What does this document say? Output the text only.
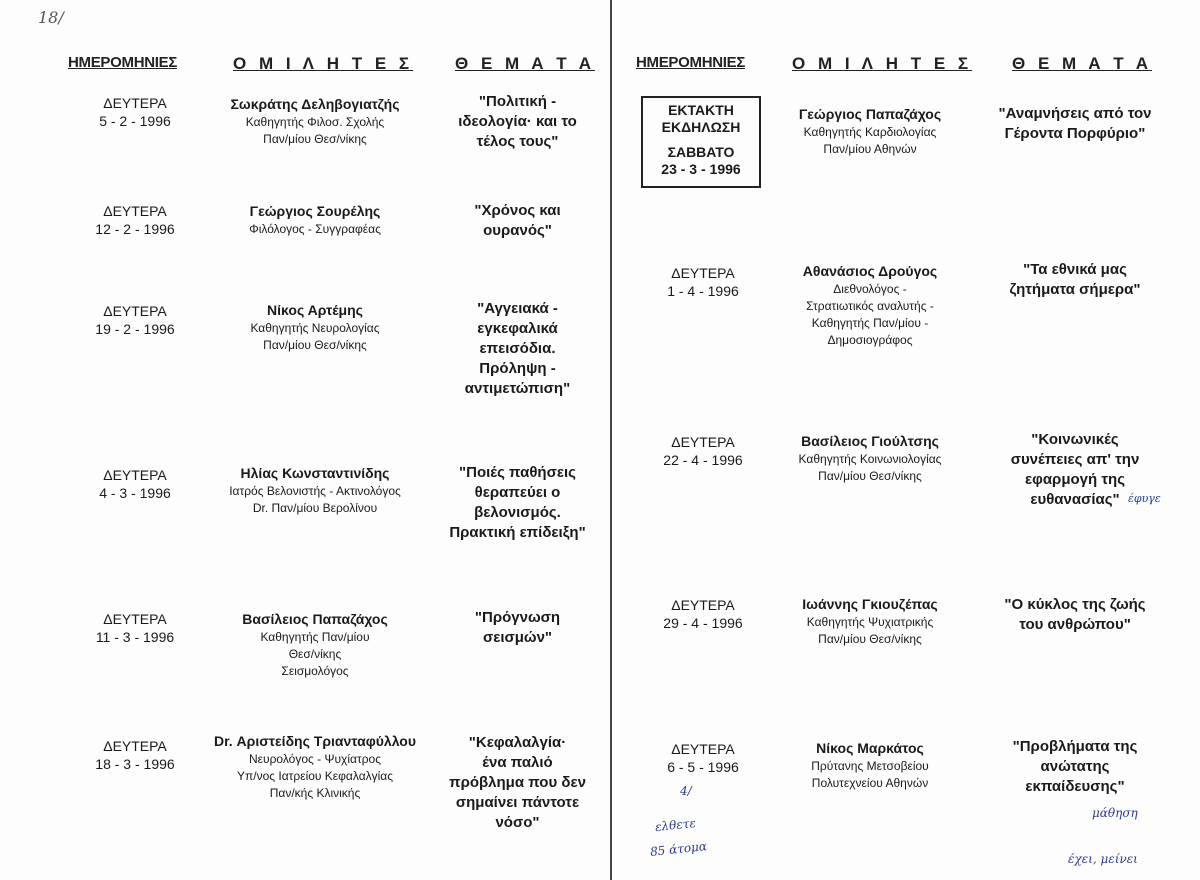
18/
έφυγε
4/
ελθετε
85 άτομα
μάθηση
έχει, μείνει
ΗΜΕΡΟΜΗΝΙΕΣ	Ο Μ Ι Λ Η Τ Ε Σ Θ Ε Μ Α Τ Α
ΔΕΥΤΕΡΑ
5 - 2 - 1996
Σωκράτης Δεληβογιατζής
Καθηγητής Φιλοσ. Σχολής
Παν/μίου Θεσ/νίκης
"Πολιτική -
ιδεολογία· και το
τέλος τους"
ΔΕΥΤΕΡΑ
12 - 2 - 1996
Γεώργιος Σουρέλης
Φιλόλογος - Συγγραφέας
"Χρόνος και
ουρανός"
ΔΕΥΤΕΡΑ
19 - 2 - 1996
Νίκος Αρτέμης
Καθηγητής Νευρολογίας
Παν/μίου Θεσ/νίκης
"Αγγειακά -
εγκεφαλικά
επεισόδια.
Πρόληψη -
αντιμετώπιση"
ΔΕΥΤΕΡΑ
4 - 3 - 1996
Ηλίας Κωνσταντινίδης
Ιατρός Βελονιστής - Ακτινολόγος
Dr. Παν/μίου Βερολίνου
"Ποιές παθήσεις
θεραπεύει ο
βελονισμός.
Πρακτική επίδειξη"
ΔΕΥΤΕΡΑ
11 - 3 - 1996
Βασίλειος Παπαζάχος
Καθηγητής Παν/μίου
Θεσ/νίκης
Σεισμολόγος
"Πρόγνωση
σεισμών"
ΔΕΥΤΕΡΑ
18 - 3 - 1996
Dr. Αριστείδης Τριανταφύλλου
Νευρολόγος - Ψυχίατρος
Υπ/νος Ιατρείου Κεφαλαλγίας
Παν/κής Κλινικής
"Κεφαλαλγία·
ένα παλιό
πρόβλημα που δεν
σημαίνει πάντοτε
νόσο"
ΗΜΕΡΟΜΗΝΙΕΣ	Ο Μ Ι Λ Η Τ Ε Σ Θ Ε Μ Α Τ Α
ΕΚΤΑΚΤΗ
ΕΚΔΗΛΩΣΗ
ΣΑΒΒΑΤΟ
23 - 3 - 1996
Γεώργιος Παπαζάχος
Καθηγητής Καρδιολογίας
Παν/μίου Αθηνών
"Αναμνήσεις από τον
Γέροντα Πορφύριο"
ΔΕΥΤΕΡΑ
1 - 4 - 1996
Αθανάσιος Δρούγος
Διεθνολόγος -
Στρατιωτικός αναλυτής -
Καθηγητής Παν/μίου -
Δημοσιογράφος
"Τα εθνικά μας
ζητήματα σήμερα"
ΔΕΥΤΕΡΑ
22 - 4 - 1996
Βασίλειος Γιούλτσης
Καθηγητής Κοινωνιολογίας
Παν/μίου Θεσ/νίκης
"Κοινωνικές
συνέπειες απ' την
εφαρμογή της
ευθανασίας"
ΔΕΥΤΕΡΑ
29 - 4 - 1996
Ιωάννης Γκιουζέπας
Καθηγητής Ψυχιατρικής
Παν/μίου Θεσ/νίκης
"Ο κύκλος της ζωής
του ανθρώπου"
ΔΕΥΤΕΡΑ
6 - 5 - 1996
Νίκος Μαρκάτος
Πρύτανης Μετσοβείου
Πολυτεχνείου Αθηνών
"Προβλήματα της
ανώτατης
εκπαίδευσης"
